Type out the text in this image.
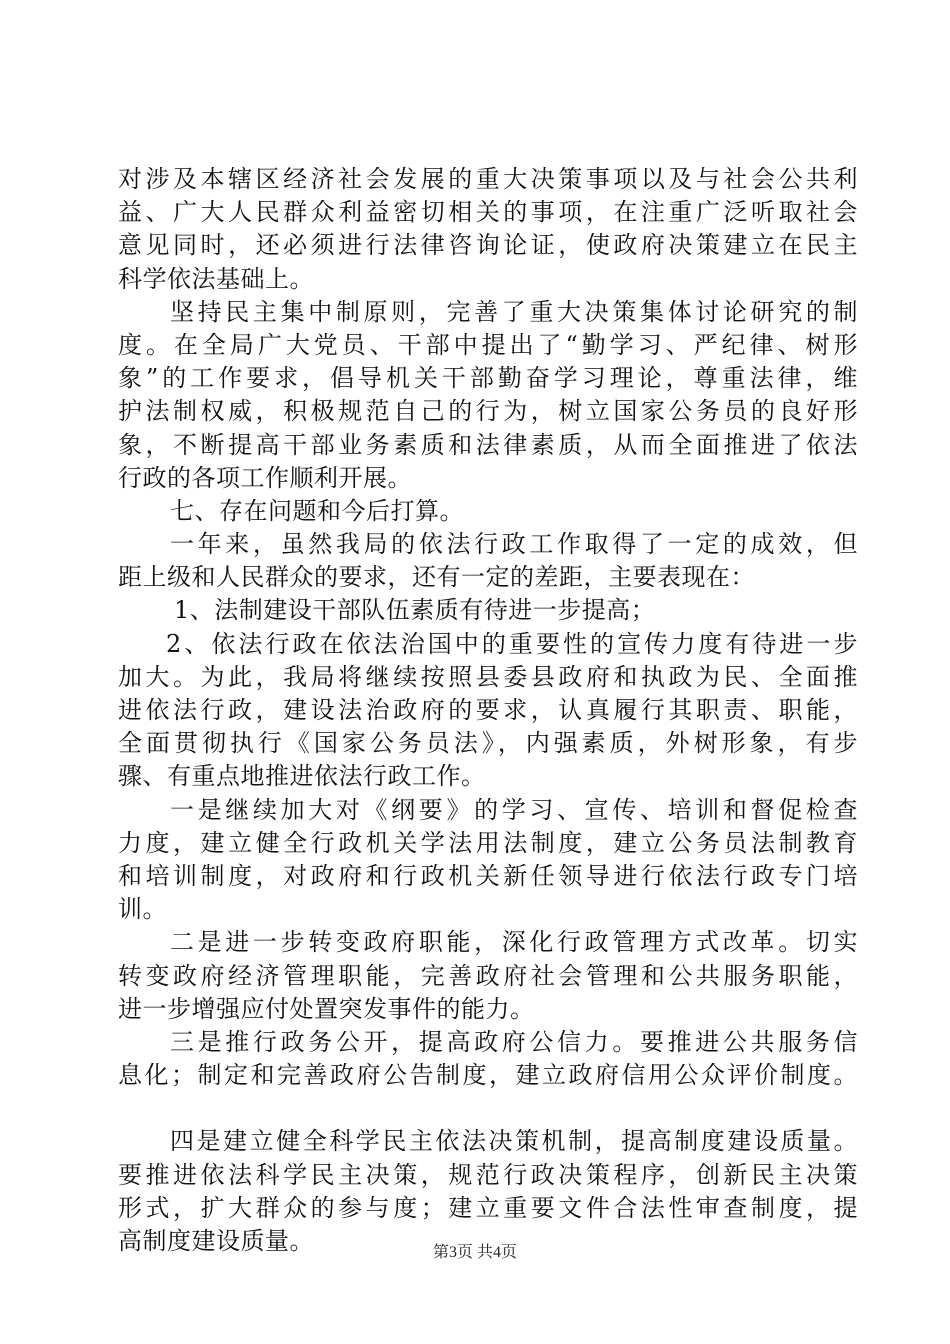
对涉及本辖区经济社会发展的重大决策事项以及与社会公共利
益、广大人民群众利益密切相关的事项，在注重广泛听取社会
意见同时，还必须进行法律咨询论证，使政府决策建立在民主
科学依法基础上。
坚持民主集中制原则，完善了重大决策集体讨论研究的制
度。在全局广大党员、干部中提出了“勤学习、严纪律、树形
象”的工作要求，倡导机关干部勤奋学习理论，尊重法律，维
护法制权威，积极规范自己的行为，树立国家公务员的良好形
象，不断提高干部业务素质和法律素质，从而全面推进了依法
行政的各项工作顺利开展。
七、存在问题和今后打算。
一年来，虽然我局的依法行政工作取得了一定的成效，但
距上级和人民群众的要求，还有一定的差距，主要表现在：
1、法制建设干部队伍素质有待进一步提高；
2、依法行政在依法治国中的重要性的宣传力度有待进一步
加大。为此，我局将继续按照县委县政府和执政为民、全面推
进依法行政，建设法治政府的要求，认真履行其职责、职能，
全面贯彻执行《国家公务员法》，内强素质，外树形象，有步
骤、有重点地推进依法行政工作。
一是继续加大对《纲要》的学习、宣传、培训和督促检查
力度，建立健全行政机关学法用法制度，建立公务员法制教育
和培训制度，对政府和行政机关新任领导进行依法行政专门培
训。
二是进一步转变政府职能，深化行政管理方式改革。切实
转变政府经济管理职能，完善政府社会管理和公共服务职能，
进一步增强应付处置突发事件的能力。
三是推行政务公开，提高政府公信力。要推进公共服务信
息化；制定和完善政府公告制度，建立政府信用公众评价制度。
四是建立健全科学民主依法决策机制，提高制度建设质量。
要推进依法科学民主决策，规范行政决策程序，创新民主决策
形式，扩大群众的参与度；建立重要文件合法性审查制度，提
高制度建设质量。	第3页 共4页
